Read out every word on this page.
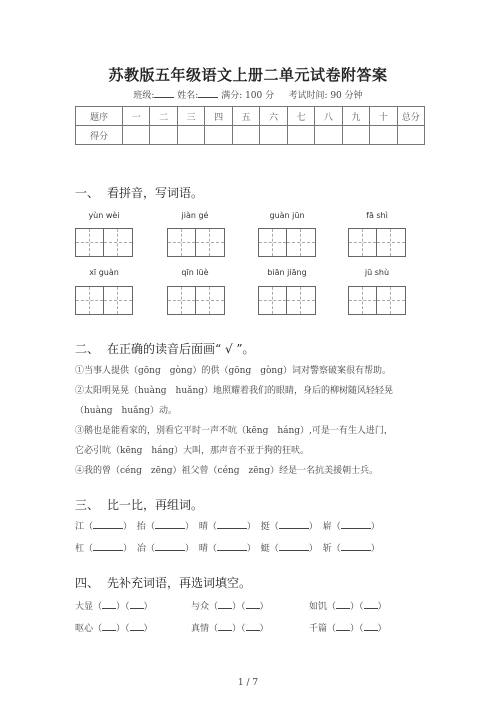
苏教版五年级语文上册二单元试卷附答案
班级:	姓名:	满分: 100 分 考试时间: 90 分钟
题序	一	二	三	四	五	六	七	八	九	十	总分
得分											
一、 看拼音，写词语。
yùn wèi	jiàn gé	guàn jūn	fā shì
xī guàn	qīn lüè	biān jiāng	jū shù
二、 在正确的读音后面画“ √ ”。
①当事人提供（gōng　gòng）的供（gōng　gòng）词对警察破案很有帮助。
②太阳明晃晃（huàng　huǎng）地照耀着我们的眼睛，身后的柳树随风轻轻晃
（huàng　huǎng）动。
③鹅也是能看家的，别看它平时一声不吭（kēng　háng）,可是一有生人进门，
它必引吭（kēng　háng）大叫，那声音不亚于狗的狂吠。
④我的曾（céng　zēng）祖父曾（céng　zēng）经是一名抗美援朝士兵。
三、 比一比，再组词。
江（	） 抬（	） 晴（	） 挺（	） 崭（	）
杠（	） 冶（	） 晴（	） 蜓（	） 斩（	）
四、 先补充词语，再选词填空。
大显（ ）（ ）	与众（ ）（ ）	如饥（ ）（ ）
呕心（ ）（ ）	真情（ ）（ ）	千篇（ ）（ ）
1 / 7
